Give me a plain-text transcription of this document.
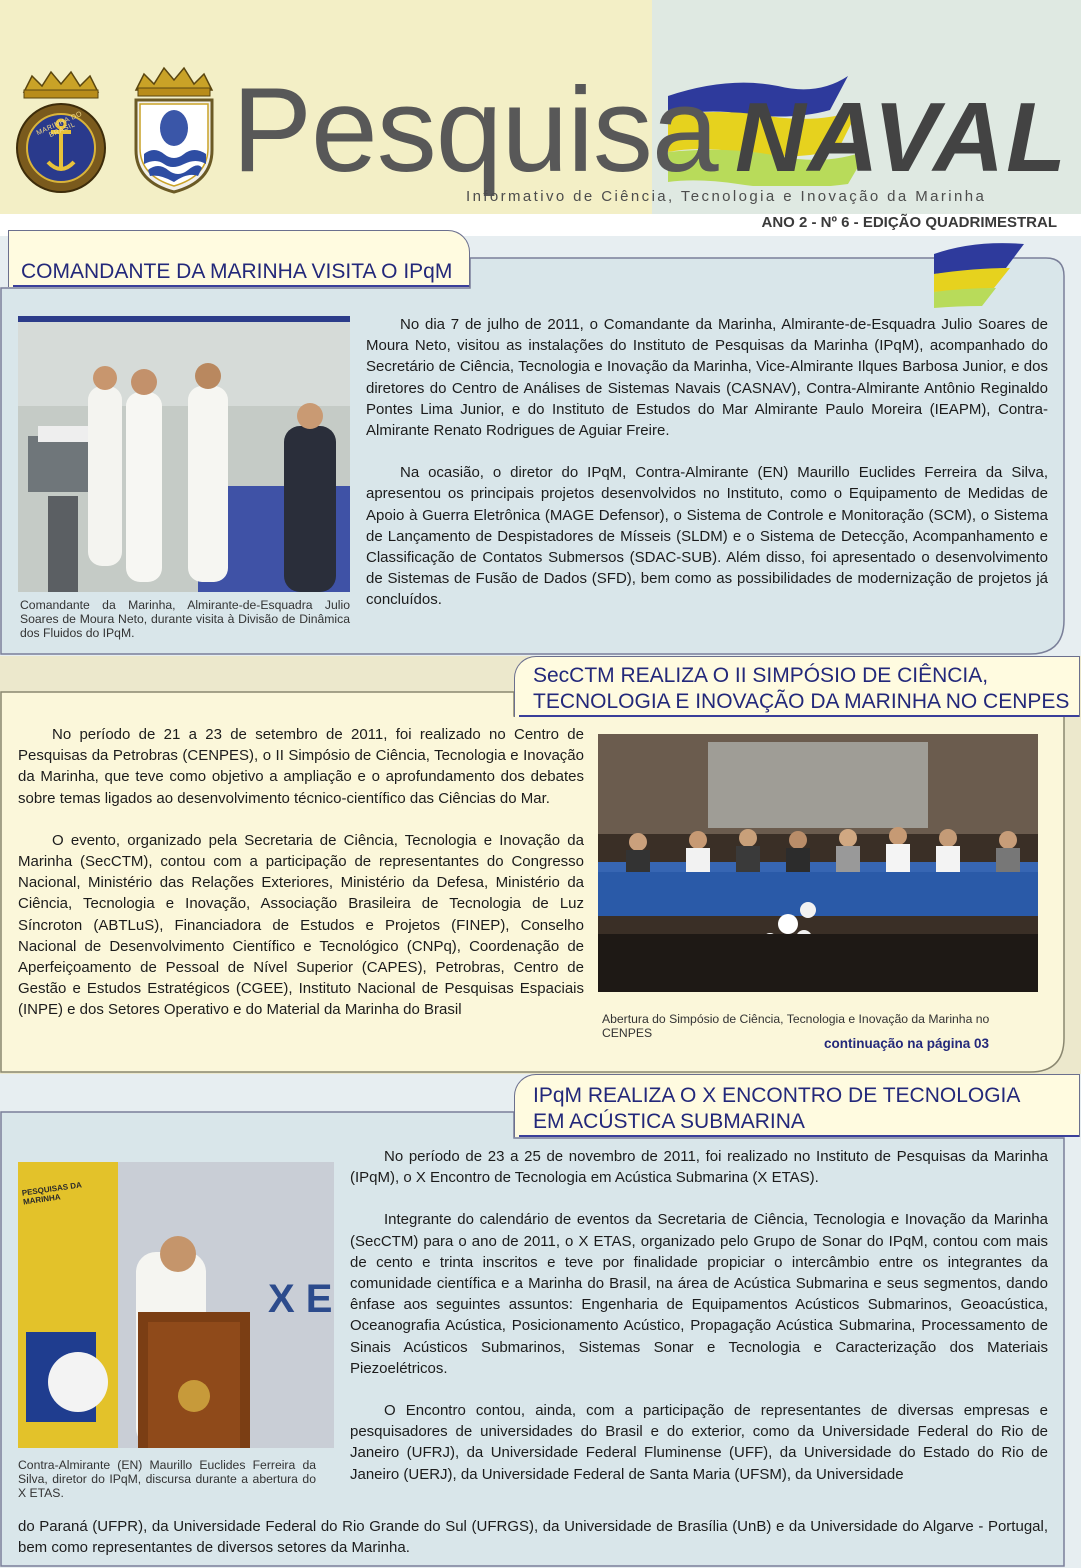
MARINHA DO BRASIL Pesquisa NAVAL
Informativo de Ciência, Tecnologia e Inovação da Marinha
ANO 2 - Nº 6 - EDIÇÃO QUADRIMESTRAL
COMANDANTE DA MARINHA VISITA O IPqM
Comandante da Marinha, Almirante-de-Esquadra Julio Soares de Moura Neto, durante visita à Divisão de Dinâmica dos Fluidos do IPqM.

No dia 7 de julho de 2011, o Comandante da Marinha, Almirante-de-Esquadra Julio Soares de Moura Neto, visitou as instalações do Instituto de Pesquisas da Marinha (IPqM), acompanhado do Secretário de Ciência, Tecnologia e Inovação da Marinha, Vice-Almirante Ilques Barbosa Junior, e dos diretores do Centro de Análises de Sistemas Navais (CASNAV), Contra-Almirante Antônio Reginaldo Pontes Lima Junior, e do Instituto de Estudos do Mar Almirante Paulo Moreira (IEAPM), Contra-Almirante Renato Rodrigues de Aguiar Freire.

Na ocasião, o diretor do IPqM, Contra-Almirante (EN) Maurillo Euclides Ferreira da Silva, apresentou os principais projetos desenvolvidos no Instituto, como o Equipamento de Medidas de Apoio à Guerra Eletrônica (MAGE Defensor), o Sistema de Controle e Monitoração (SCM), o Sistema de Lançamento de Despistadores de Mísseis (SLDM) e o Sistema de Detecção, Acompanhamento e Classificação de Contatos Submersos (SDAC-SUB). Além disso, foi apresentado o desenvolvimento de Sistemas de Fusão de Dados (SFD), bem como as possibilidades de modernização de projetos já concluídos.

SecCTM REALIZA O II SIMPÓSIO DE CIÊNCIA,
TECNOLOGIA E INOVAÇÃO DA MARINHA NO CENPES

No período de 21 a 23 de setembro de 2011, foi realizado no Centro de Pesquisas da Petrobras (CENPES), o II Simpósio de Ciência, Tecnologia e Inovação da Marinha, que teve como objetivo a ampliação e o aprofundamento dos debates sobre temas ligados ao desenvolvimento técnico-científico das Ciências do Mar.

O evento, organizado pela Secretaria de Ciência, Tecnologia e Inovação da Marinha (SecCTM), contou com a participação de representantes do Congresso Nacional, Ministério das Relações Exteriores, Ministério da Defesa, Ministério da Ciência, Tecnologia e Inovação, Associação Brasileira de Tecnologia de Luz Síncroton (ABTLuS), Financiadora de Estudos e Projetos (FINEP), Conselho Nacional de Desenvolvimento Científico e Tecnológico (CNPq), Coordenação de Aperfeiçoamento de Pessoal de Nível Superior (CAPES), Petrobras, Centro de Gestão e Estudos Estratégicos (CGEE), Instituto Nacional de Pesquisas Espaciais (INPE) e dos Setores Operativo e do Material da Marinha do Brasil

Abertura do Simpósio de Ciência, Tecnologia e Inovação da Marinha no CENPES
continuação na página 03
IPqM REALIZA O X ENCONTRO DE TECNOLOGIA
EM ACÚSTICA SUBMARINA
X E
PESQUISAS DA MARINHA
Contra-Almirante (EN) Maurillo Euclides Ferreira da Silva, diretor do IPqM, discursa durante a abertura do X ETAS.

No período de 23 a 25 de novembro de 2011, foi realizado no Instituto de Pesquisas da Marinha (IPqM), o X Encontro de Tecnologia em Acústica Submarina (X ETAS).

Integrante do calendário de eventos da Secretaria de Ciência, Tecnologia e Inovação da Marinha (SecCTM) para o ano de 2011, o X ETAS, organizado pelo Grupo de Sonar do IPqM, contou com mais de cento e trinta inscritos e teve por finalidade propiciar o intercâmbio entre os integrantes da comunidade científica e a Marinha do Brasil, na área de Acústica Submarina e seus segmentos, dando ênfase aos seguintes assuntos: Engenharia de Equipamentos Acústicos Submarinos, Geoacústica, Oceanografia Acústica, Posicionamento Acústico, Propagação Acústica Submarina, Processamento de Sinais Acústicos Submarinos, Sistemas Sonar e Tecnologia e Caracterização dos Materiais Piezoelétricos.

O Encontro contou, ainda, com a participação de representantes de diversas empresas e pesquisadores de universidades do Brasil e do exterior, como da Universidade Federal do Rio de Janeiro (UFRJ), da Universidade Federal Fluminense (UFF), da Universidade do Estado do Rio de Janeiro (UERJ), da Universidade Federal de Santa Maria (UFSM), da Universidade

do Paraná (UFPR), da Universidade Federal do Rio Grande do Sul (UFRGS), da Universidade de Brasília (UnB) e da Universidade do Algarve - Portugal, bem como representantes de diversos setores da Marinha.
